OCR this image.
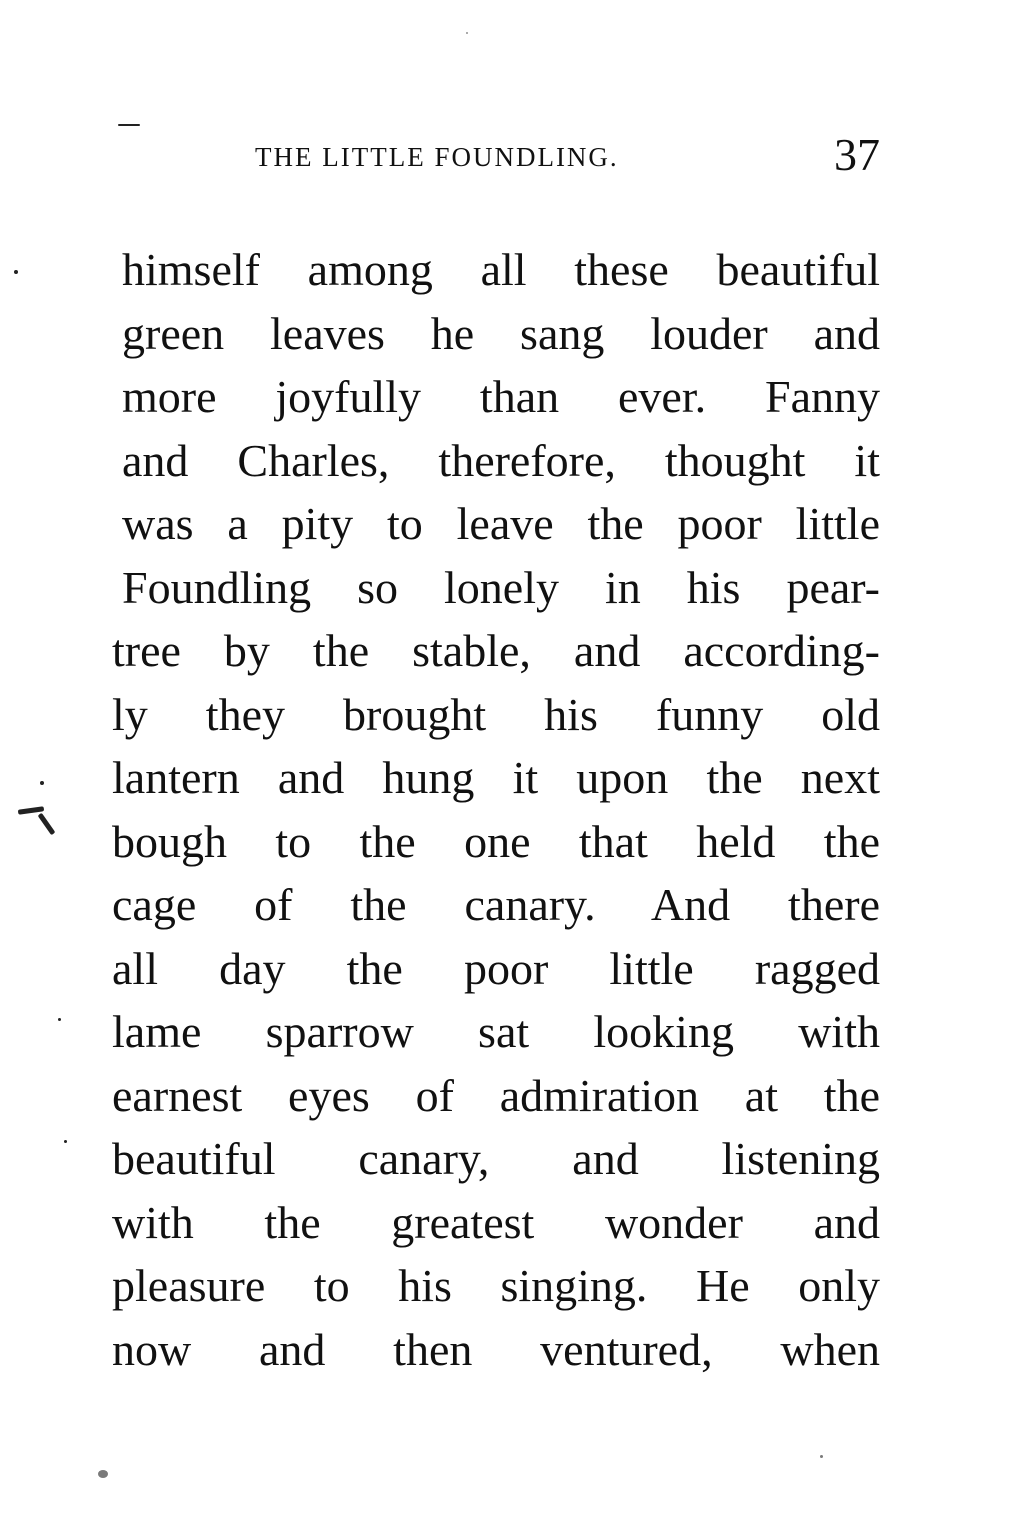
THE LITTLE FOUNDLING.	37
himself among all these beautiful
green leaves he sang louder and
more joyfully than ever. Fanny
and Charles, therefore, thought it
was a pity to leave the poor little
Foundling so lonely in his pear-
tree by the stable, and according-
ly they brought his funny old
lantern and hung it upon the next
bough to the one that held the
cage of the canary. And there
all day the poor little ragged
lame sparrow sat looking with
earnest eyes of admiration at the
beautiful canary, and listening
with the greatest wonder and
pleasure to his singing. He only
now and then ventured, when
